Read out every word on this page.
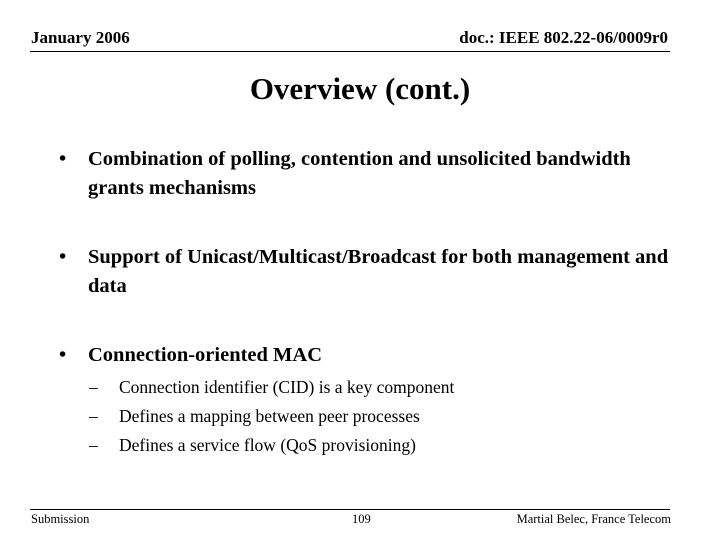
January 2006	doc.: IEEE 802.22-06/0009r0
Overview (cont.)
• Combination of polling, contention and unsolicited bandwidth grants mechanisms
• Support of Unicast/Multicast/Broadcast for both management and data
• Connection-oriented MAC
– Connection identifier (CID) is a key component
– Defines a mapping between peer processes
– Defines a service flow (QoS provisioning)
Submission	109	Martial Belec, France Telecom
